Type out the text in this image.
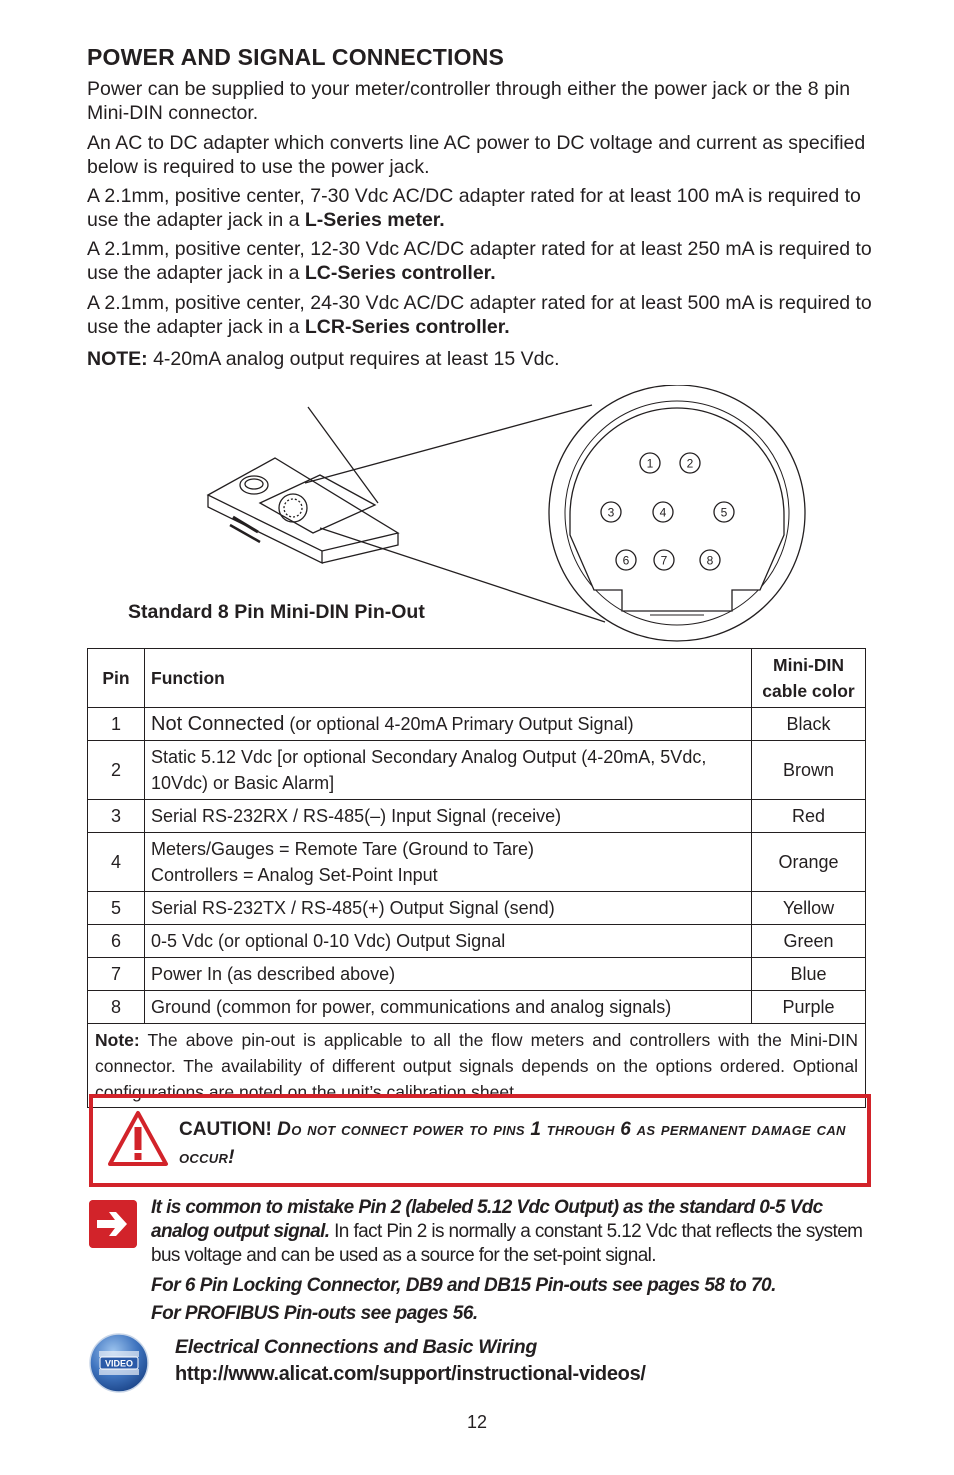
POWER AND SIGNAL CONNECTIONS

Power can be supplied to your meter/controller through either the power jack or the 8 pin Mini-DIN connector.

An AC to DC adapter which converts line AC power to DC voltage and current as specified below is required to use the power jack.

A 2.1mm, positive center, 7-30 Vdc AC/DC adapter rated for at least 100 mA is required to use the adapter jack in a L-Series meter.

A 2.1mm, positive center, 12-30 Vdc AC/DC adapter rated for at least 250 mA is required to use the adapter jack in a LC-Series controller.

A 2.1mm, positive center, 24-30 Vdc AC/DC adapter rated for at least 500 mA is required to use the adapter jack in a LCR-Series controller.

NOTE: 4-20mA analog output requires at least 15 Vdc.

1	2
3	4	5
6	7	8
Standard 8 Pin Mini-DIN Pin-Out
Pin	Function	Mini-DIN
cable color
1	Not Connected (or optional 4-20mA Primary Output Signal)	Black
2	Static 5.12 Vdc [or optional Secondary Analog Output (4-20mA, 5Vdc, 10Vdc) or Basic Alarm]	Brown
3	Serial RS-232RX / RS-485(–) Input Signal (receive)	Red
4	Meters/Gauges = Remote Tare (Ground to Tare)
Controllers = Analog Set-Point Input	Orange
5	Serial RS-232TX / RS-485(+) Output Signal (send)	Yellow
6	0-5 Vdc (or optional 0-10 Vdc) Output Signal	Green
7	Power In (as described above)	Blue
8	Ground (common for power, communications and analog signals)	Purple
Note: The above pin-out is applicable to all the flow meters and controllers with the Mini-DIN connector. The availability of different output signals depends on the options ordered. Optional configurations are noted on the unit’s calibration sheet.		
CAUTION! Do not connect power to pins 1 through 6 as permanent damage can occur!
It is common to mistake Pin 2 (labeled 5.12 Vdc Output) as the standard 0-5 Vdc analog output signal. In fact Pin 2 is normally a constant 5.12 Vdc that reflects the system bus voltage and can be used as a source for the set-point signal.
For 6 Pin Locking Connector, DB9 and DB15 Pin-outs see pages 58 to 70.
For PROFIBUS Pin-outs see pages 56.
VIDEO
Electrical Connections and Basic Wiring
http://www.alicat.com/support/instructional-videos/
12
